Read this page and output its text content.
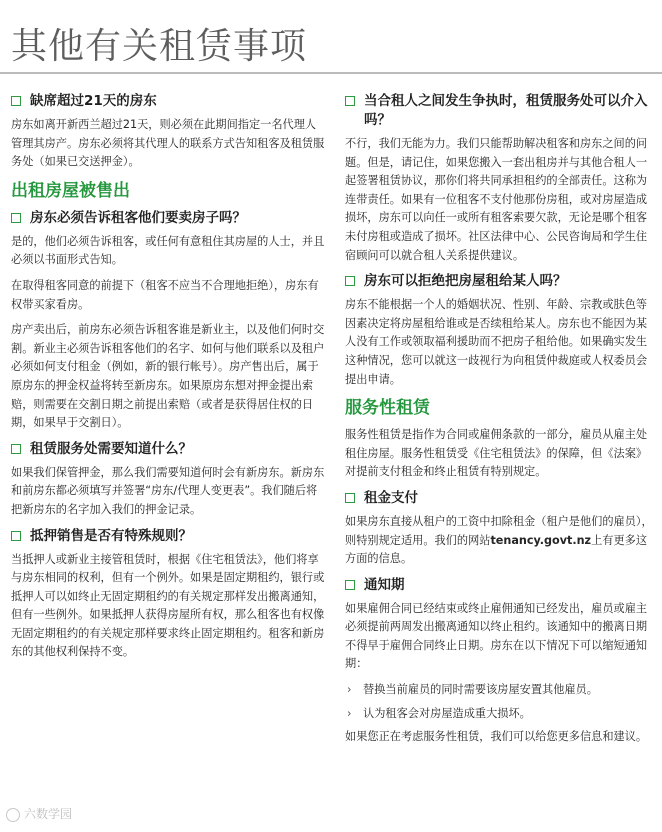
其他有关租赁事项
缺席超过21天的房东

房东如离开新西兰超过21天，则必须在此期间指定一名代理人管理其房产。房东必须将其代理人的联系方式告知租客及租赁服务处（如果已交送押金）。

出租房屋被售出
房东必须告诉租客他们要卖房子吗？

是的，他们必须告诉租客，或任何有意租住其房屋的人士，并且必须以书面形式告知。

在取得租客同意的前提下（租客不应当不合理地拒绝），房东有权带买家看房。

房产卖出后，前房东必须告诉租客谁是新业主，以及他们何时交割。新业主必须告诉租客他们的名字、如何与他们联系以及租户必须如何支付租金（例如，新的银行帐号）。房产售出后，属于原房东的押金权益将转至新房东。如果原房东想对押金提出索赔，则需要在交割日期之前提出索赔（或者是获得居住权的日期，如果早于交割日）。

租赁服务处需要知道什么？

如果我们保管押金，那么我们需要知道何时会有新房东。新房东和前房东都必须填写并签署“房东/代理人变更表”。我们随后将把新房东的名字加入我们的押金记录。

抵押销售是否有特殊规则？

当抵押人或新业主接管租赁时，根据《住宅租赁法》，他们将享与房东相同的权利，但有一个例外。如果是固定期租约，银行或抵押人可以如终止无固定期租约的有关规定那样发出搬离通知，但有一些例外。如果抵押人获得房屋所有权，那么租客也有权像无固定期租约的有关规定那样要求终止固定期租约。租客和新房东的其他权利保持不变。

当合租人之间发生争执时，租赁服务处可以介入吗？

不行，我们无能为力。我们只能帮助解决租客和房东之间的问题。但是，请记住，如果您搬入一套出租房并与其他合租人一起签署租赁协议，那你们将共同承担租约的全部责任。这称为连带责任。如果有一位租客不支付他那份房租，或对房屋造成损坏，房东可以向任一或所有租客索要欠款，无论是哪个租客未付房租或造成了损坏。社区法律中心、公民咨询局和学生住宿顾问可以就合租人关系提供建议。

房东可以拒绝把房屋租给某人吗？

房东不能根据一个人的婚姻状况、性别、年龄、宗教或肤色等因素决定将房屋租给谁或是否续租给某人。房东也不能因为某人没有工作或领取福利援助而不把房子租给他。如果确实发生这种情况，您可以就这一歧视行为向租赁仲裁庭或人权委员会提出申请。

服务性租赁

服务性租赁是指作为合同或雇佣条款的一部分，雇员从雇主处租住房屋。服务性租赁受《住宅租赁法》的保障，但《法案》对提前支付租金和终止租赁有特别规定。

租金支付

如果房东直接从租户的工资中扣除租金（租户是他们的雇员），则特别规定适用。我们的网站tenancy.govt.nz上有更多这方面的信息。

通知期

如果雇佣合同已经结束或终止雇佣通知已经发出，雇员或雇主必须提前两周发出搬离通知以终止租约。该通知中的搬离日期不得早于雇佣合同终止日期。房东在以下情况下可以缩短通知期：

› 替换当前雇员的同时需要该房屋安置其他雇员。
› 认为租客会对房屋造成重大损坏。

如果您正在考虑服务性租赁，我们可以给您更多信息和建议。

六数学园
